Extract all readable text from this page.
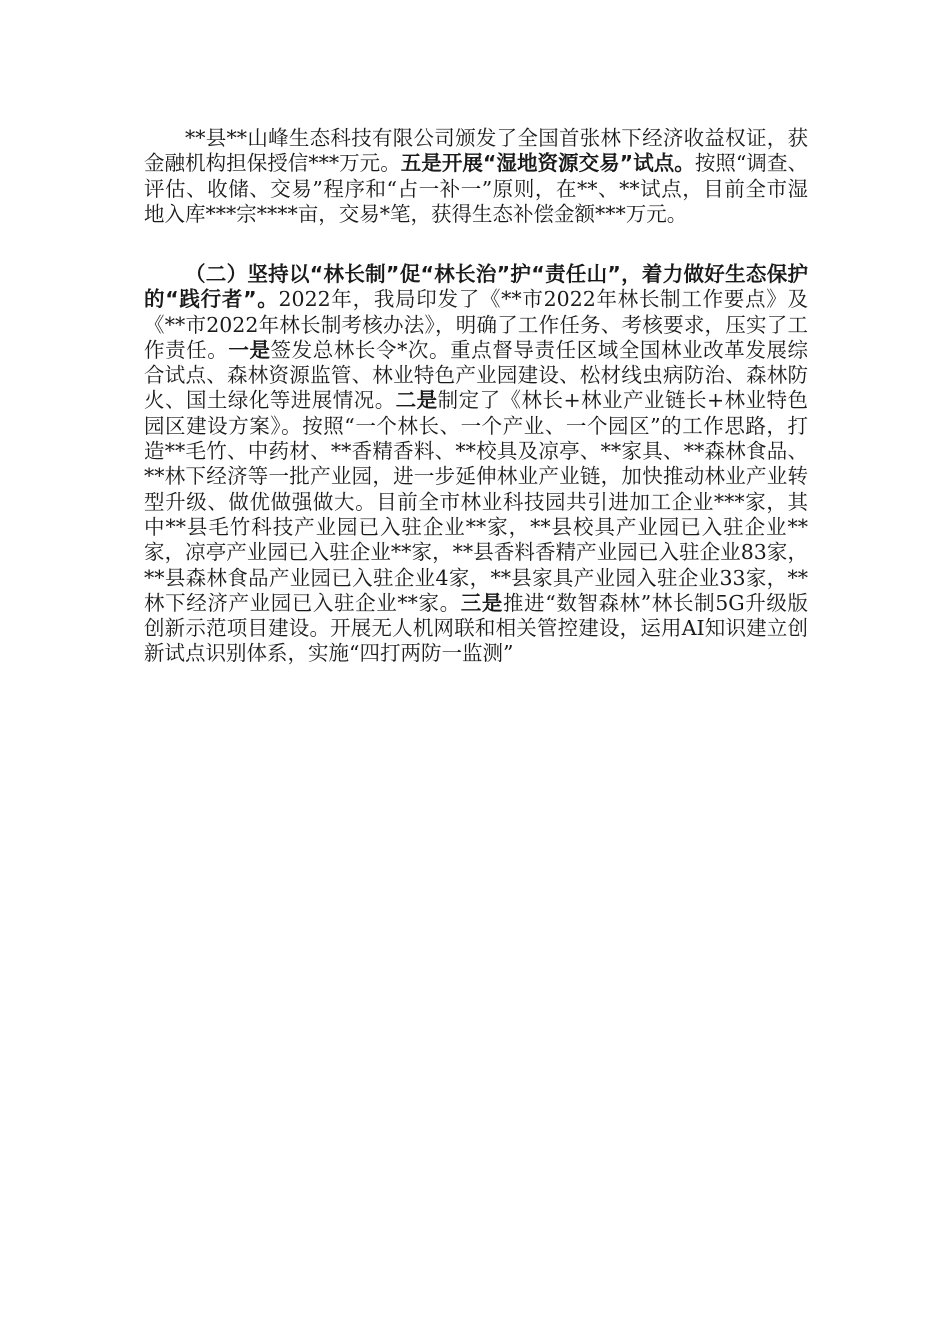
**县**山峰生态科技有限公司颁发了全国首张林下经济收益权证，获金融机构担保授信***万元。五是开展“湿地资源交易”试点。按照“调查、评估、收储、交易”程序和“占一补一”原则，在**、**试点，目前全市湿地入库***宗****亩，交易*笔，获得生态补偿金额***万元。

（二）坚持以“林长制”促“林长治”护“责任山”，着力做好生态保护的“践行者”。2022年，我局印发了《**市2022年林长制工作要点》及《**市2022年林长制考核办法》，明确了工作任务、考核要求，压实了工作责任。一是签发总林长令*次。重点督导责任区域全国林业改革发展综合试点、森林资源监管、林业特色产业园建设、松材线虫病防治、森林防火、国土绿化等进展情况。二是制定了《林长+林业产业链长+林业特色园区建设方案》。按照“一个林长、一个产业、一个园区”的工作思路，打造**毛竹、中药材、**香精香料、**校具及凉亭、**家具、**森林食品、**林下经济等一批产业园，进一步延伸林业产业链，加快推动林业产业转型升级、做优做强做大。目前全市林业科技园共引进加工企业***家，其中**县毛竹科技产业园已入驻企业**家，**县校具产业园已入驻企业**家，凉亭产业园已入驻企业**家，**县香料香精产业园已入驻企业83家，**县森林食品产业园已入驻企业4家，**县家具产业园入驻企业33家，**林下经济产业园已入驻企业**家。三是推进“数智森林”林长制5G升级版创新示范项目建设。开展无人机网联和相关管控建设，运用AI知识建立创新试点识别体系，实施“四打两防一监测”
